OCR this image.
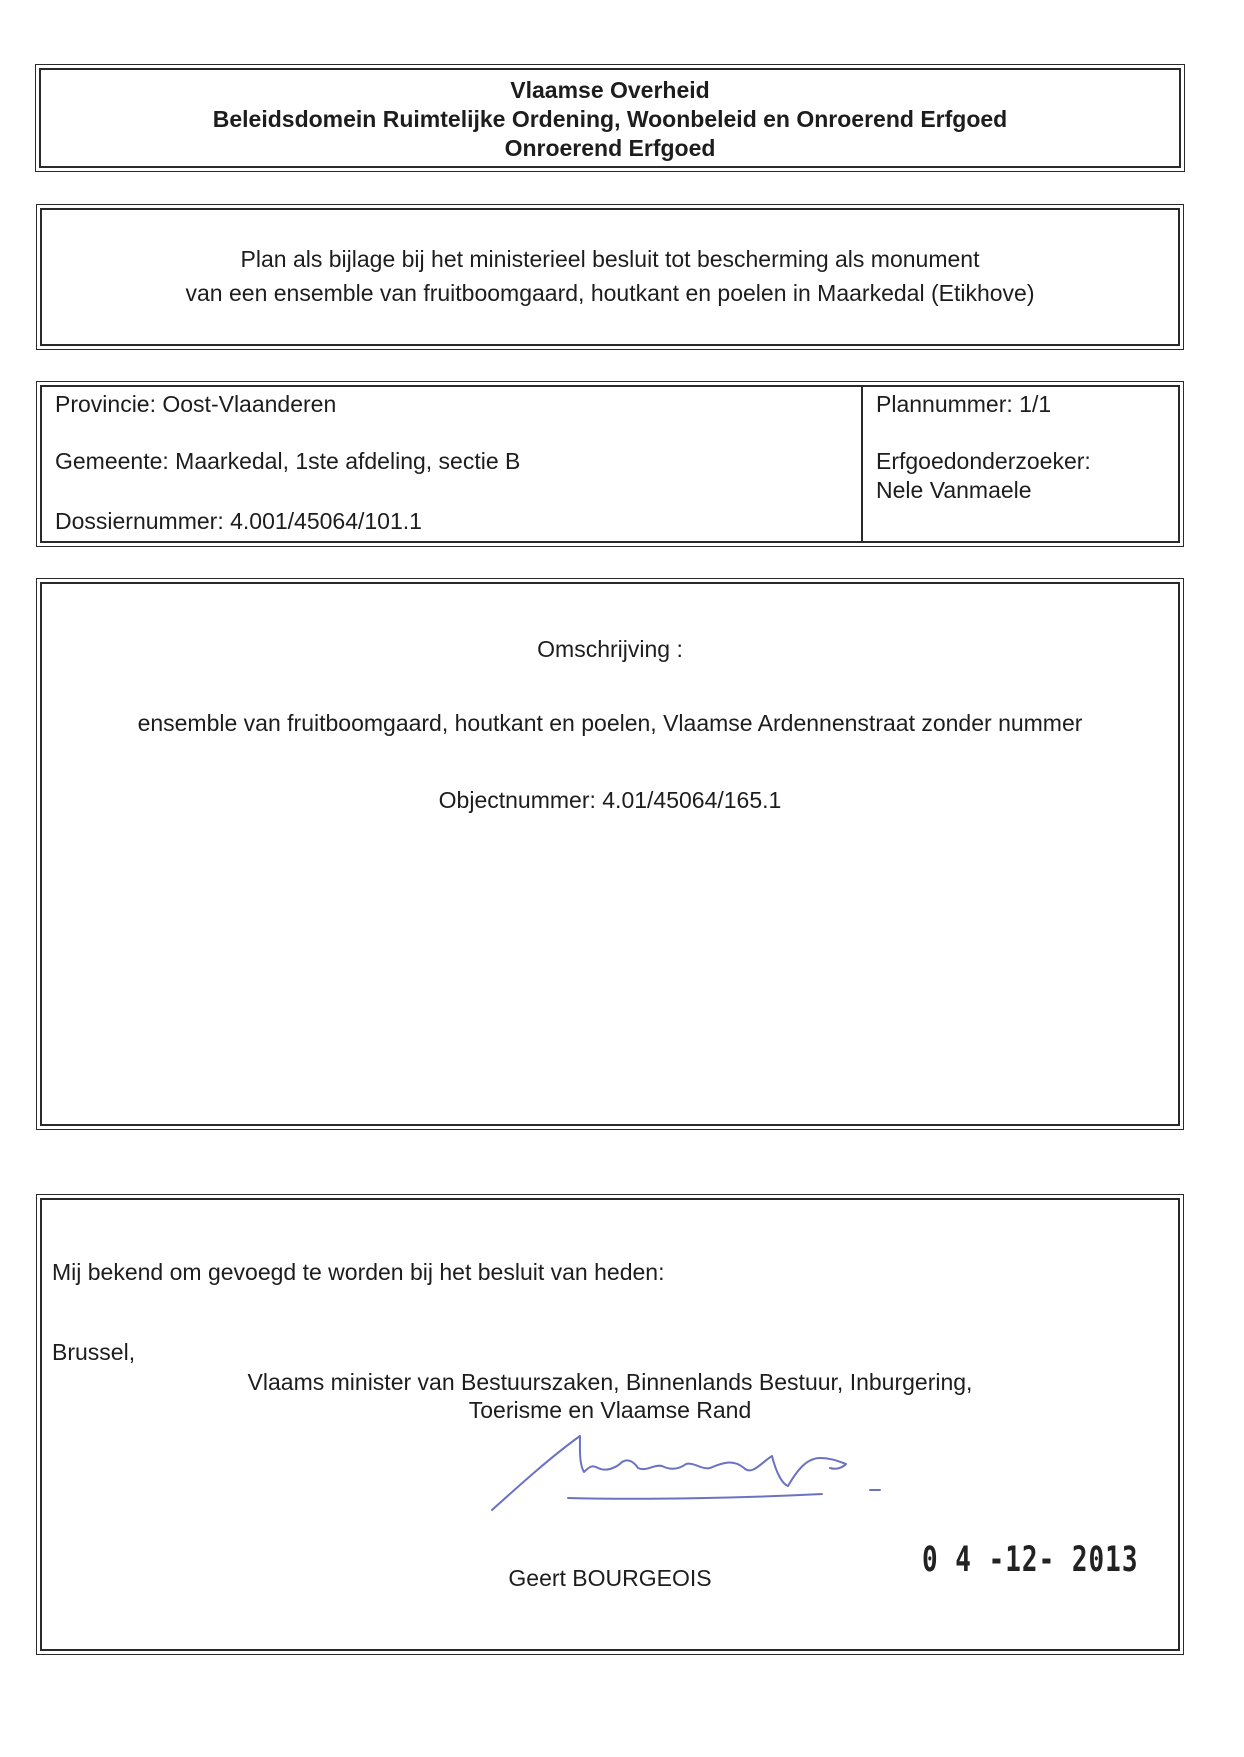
Vlaamse Overheid
Beleidsdomein Ruimtelijke Ordening, Woonbeleid en Onroerend Erfgoed
Onroerend Erfgoed
Plan als bijlage bij het ministerieel besluit tot bescherming als monument
van een ensemble van fruitboomgaard, houtkant en poelen in Maarkedal (Etikhove)

Provincie: Oost-Vlaanderen

Gemeente: Maarkedal, 1ste afdeling, sectie B

Dossiernummer: 4.001/45064/101.1

Plannummer: 1/1

Erfgoedonderzoeker:

Nele Vanmaele

Omschrijving :
ensemble van fruitboomgaard, houtkant en poelen, Vlaamse Ardennenstraat zonder nummer
Objectnummer: 4.01/45064/165.1
Mij bekend om gevoegd te worden bij het besluit van heden:
Brussel,
Vlaams minister van Bestuurszaken, Binnenlands Bestuur, Inburgering,
Toerisme en Vlaamse Rand
Geert BOURGEOIS	0 4 -12- 2013
